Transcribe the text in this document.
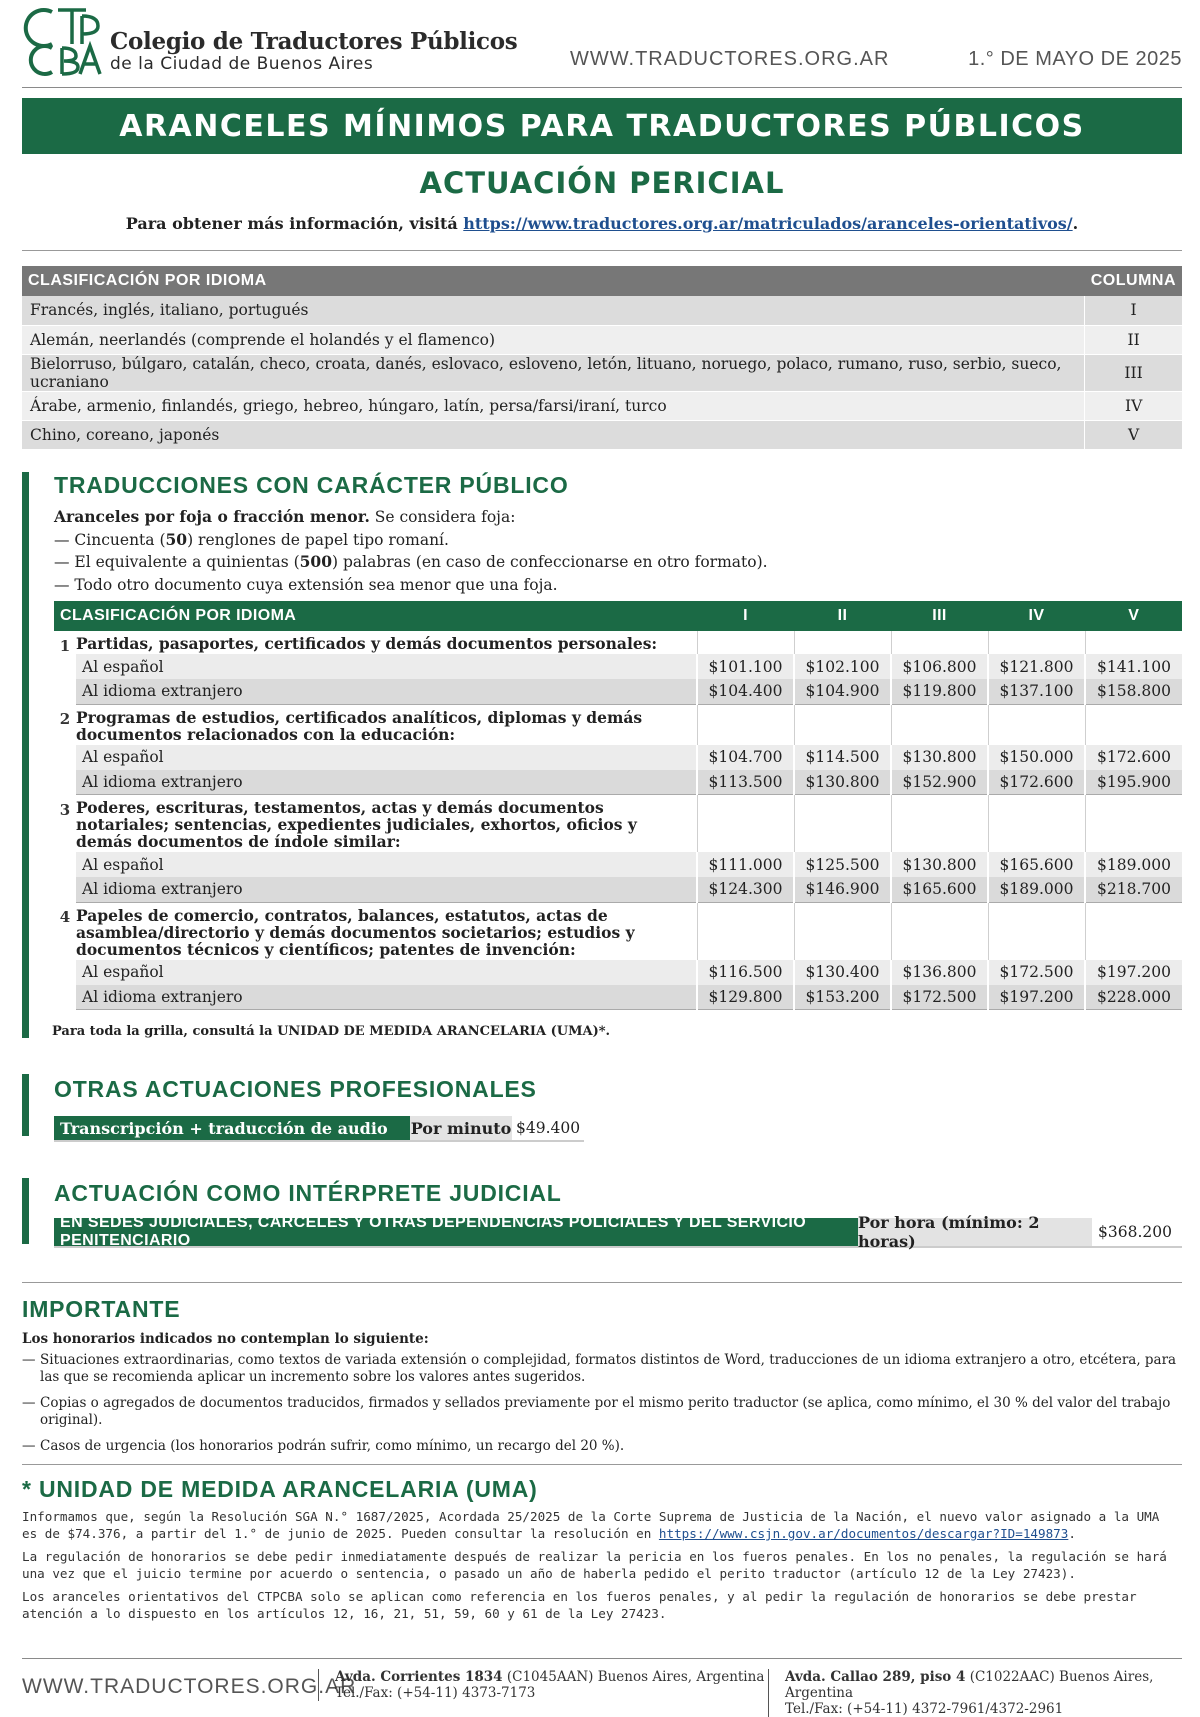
Colegio de Traductores Públicos
de la Ciudad de Buenos Aires	WWW.TRADUCTORES.ORG.AR	1.° DE MAYO DE 2025
ARANCELES MÍNIMOS PARA TRADUCTORES PÚBLICOS
ACTUACIÓN PERICIAL
Para obtener más información, visitá https://www.traductores.org.ar/matriculados/aranceles-orientativos/.
CLASIFICACIÓN POR IDIOMA	COLUMNA
Francés, inglés, italiano, portugués	I
Alemán, neerlandés (comprende el holandés y el flamenco)	II
Bielorruso, búlgaro, catalán, checo, croata, danés, eslovaco, esloveno, letón, lituano, noruego, polaco, rumano, ruso, serbio, sueco, ucraniano	III
Árabe, armenio, finlandés, griego, hebreo, húngaro, latín, persa/farsi/iraní, turco	IV
Chino, coreano, japonés	V
TRADUCCIONES CON CARÁCTER PÚBLICO
Aranceles por foja o fracción menor. Se considera foja:
— Cincuenta (50) renglones de papel tipo romaní.
— El equivalente a quinientas (500) palabras (en caso de confeccionarse en otro formato).
— Todo otro documento cuya extensión sea menor que una foja.
CLASIFICACIÓN POR IDIOMA		I	II	III	IV	V
1	Partidas, pasaportes, certificados y demás documentos personales:					
	Al español	$101.100	$102.100	$106.800	$121.800	$141.100
	Al idioma extranjero	$104.400	$104.900	$119.800	$137.100	$158.800
2	Programas de estudios, certificados analíticos, diplomas y demás documentos relacionados con la educación:					
	Al español	$104.700	$114.500	$130.800	$150.000	$172.600
	Al idioma extranjero	$113.500	$130.800	$152.900	$172.600	$195.900
3	Poderes, escrituras, testamentos, actas y demás documentos notariales; sentencias, expedientes judiciales, exhortos, oficios y demás documentos de índole similar:					
	Al español	$111.000	$125.500	$130.800	$165.600	$189.000
	Al idioma extranjero	$124.300	$146.900	$165.600	$189.000	$218.700
4	Papeles de comercio, contratos, balances, estatutos, actas de asamblea/directorio y demás documentos societarios; estudios y documentos técnicos y científicos; patentes de invención:					
	Al español	$116.500	$130.400	$136.800	$172.500	$197.200
	Al idioma extranjero	$129.800	$153.200	$172.500	$197.200	$228.000
Para toda la grilla, consultá la UNIDAD DE MEDIDA ARANCELARIA (UMA)*.
OTRAS ACTUACIONES PROFESIONALES
Transcripción + traducción de audio	Por minuto $49.400
ACTUACIÓN COMO INTÉRPRETE JUDICIAL
EN SEDES JUDICIALES, CÁRCELES Y OTRAS DEPENDENCIAS POLICIALES Y DEL SERVICIO PENITENCIARIO
Por hora (mínimo: 2 horas)	$368.200
IMPORTANTE
Los honorarios indicados no contemplan lo siguiente:
— Situaciones extraordinarias, como textos de variada extensión o complejidad, formatos distintos de Word, traducciones de un idioma extranjero a otro, etcétera, para las que se recomienda aplicar un incremento sobre los valores antes sugeridos.
— Copias o agregados de documentos traducidos, firmados y sellados previamente por el mismo perito traductor (se aplica, como mínimo, el 30 % del valor del trabajo original).
— Casos de urgencia (los honorarios podrán sufrir, como mínimo, un recargo del 20 %).
* UNIDAD DE MEDIDA ARANCELARIA (UMA)

Informamos que, según la Resolución SGA N.° 1687/2025, Acordada 25/2025 de la Corte Suprema de Justicia de la Nación, el nuevo valor asignado a la UMA es de $74.376, a partir del 1.° de junio de 2025. Pueden consultar la resolución en https://www.csjn.gov.ar/documentos/descargar?ID=149873.

La regulación de honorarios se debe pedir inmediatamente después de realizar la pericia en los fueros penales. En los no penales, la regulación se hará una vez que el juicio termine por acuerdo o sentencia, o pasado un año de haberla pedido el perito traductor (artículo 12 de la Ley 27423).

Los aranceles orientativos del CTPCBA solo se aplican como referencia en los fueros penales, y al pedir la regulación de honorarios se debe prestar atención a lo dispuesto en los artículos 12, 16, 21, 51, 59, 60 y 61 de la Ley 27423.

WWW.TRADUCTORES.ORG.AR
Avda. Corrientes 1834 (C1045AAN) Buenos Aires, Argentina
Tel./Fax: (+54-11) 4373-7173
Avda. Callao 289, piso 4 (C1022AAC) Buenos Aires, Argentina
Tel./Fax: (+54-11) 4372-7961/4372-2961
